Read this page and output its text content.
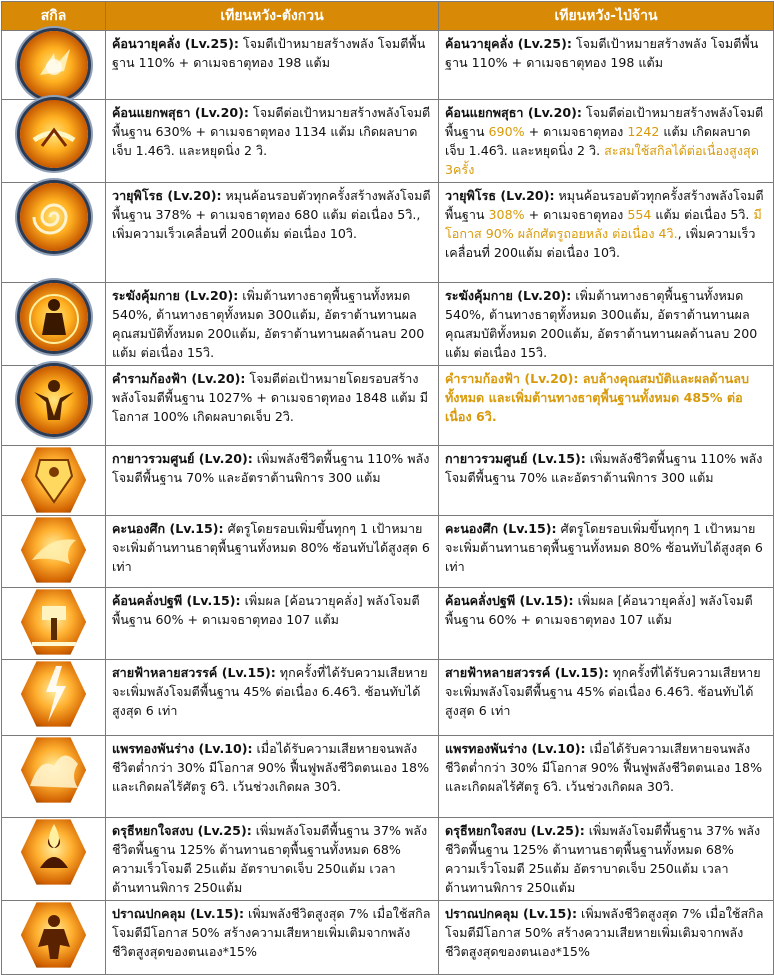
สกิล	เทียนหวัง-ตังกวน	เทียนหวัง-ไป่จ้าน

	ค้อนวายุคลั่ง (Lv.25): โจมตีเป้าหมายสร้างพลัง โจมตีพื้นฐาน 110% + ดาเมจธาตุทอง 198 แต้ม	ค้อนวายุคลั่ง (Lv.25): โจมตีเป้าหมายสร้างพลัง โจมตีพื้นฐาน 110% + ดาเมจธาตุทอง 198 แต้ม

	ค้อนแยกพสุธา (Lv.20): โจมตีต่อเป้าหมายสร้างพลังโจมตีพื้นฐาน 630% + ดาเมจธาตุทอง 1134 แต้ม เกิดผลบาดเจ็บ 1.46วิ. และหยุดนิ่ง 2 วิ.	ค้อนแยกพสุธา (Lv.20): โจมตีต่อเป้าหมายสร้างพลังโจมตีพื้นฐาน 690% + ดาเมจธาตุทอง 1242 แต้ม เกิดผลบาดเจ็บ 1.46วิ. และหยุดนิ่ง 2 วิ. สะสมใช้สกิลได้ต่อเนื่องสูงสุด 3ครั้ง

	วายุพิโรธ (Lv.20): หมุนค้อนรอบตัวทุกครั้งสร้างพลังโจมตีพื้นฐาน 378% + ดาเมจธาตุทอง 680 แต้ม ต่อเนื่อง 5วิ., เพิ่มความเร็วเคลื่อนที่ 200แต้ม ต่อเนื่อง 10วิ.	วายุพิโรธ (Lv.20): หมุนค้อนรอบตัวทุกครั้งสร้างพลังโจมตีพื้นฐาน 308% + ดาเมจธาตุทอง 554 แต้ม ต่อเนื่อง 5วิ. มีโอกาส 90% ผลักศัตรูถอยหลัง ต่อเนื่อง 4วิ., เพิ่มความเร็วเคลื่อนที่ 200แต้ม ต่อเนื่อง 10วิ.

	ระฆังคุ้มกาย (Lv.20): เพิ่มต้านทางธาตุพื้นฐานทั้งหมด 540%, ต้านทางธาตุทั้งหมด 300แต้ม, อัตราต้านทานผลคุณสมบัติทั้งหมด 200แต้ม, อัตราต้านทานผลด้านลบ 200 แต้ม ต่อเนื่อง 15วิ.	ระฆังคุ้มกาย (Lv.20): เพิ่มต้านทางธาตุพื้นฐานทั้งหมด 540%, ต้านทางธาตุทั้งหมด 300แต้ม, อัตราต้านทานผลคุณสมบัติทั้งหมด 200แต้ม, อัตราต้านทานผลด้านลบ 200 แต้ม ต่อเนื่อง 15วิ.

	คำรามก้องฟ้า (Lv.20): โจมตีต่อเป้าหมายโดยรอบสร้างพลังโจมตีพื้นฐาน 1027% + ดาเมจธาตุทอง 1848 แต้ม มีโอกาส 100% เกิดผลบาดเจ็บ 2วิ.	คำรามก้องฟ้า (Lv.20): ลบล้างคุณสมบัติและผลด้านลบทั้งหมด และเพิ่มต้านทางธาตุพื้นฐานทั้งหมด 485% ต่อเนื่อง 6วิ.

	กายาวรวมศูนย์ (Lv.20): เพิ่มพลังชีวิตพื้นฐาน 110% พลังโจมตีพื้นฐาน 70% และอัตราต้านพิการ 300 แต้ม	กายาวรวมศูนย์ (Lv.15): เพิ่มพลังชีวิตพื้นฐาน 110% พลังโจมตีพื้นฐาน 70% และอัตราต้านพิการ 300 แต้ม

	คะนองศึก (Lv.15): ศัตรูโดยรอบเพิ่มขึ้นทุกๆ 1 เป้าหมาย จะเพิ่มต้านทานธาตุพื้นฐานทั้งหมด 80% ซ้อนทับได้สูงสุด 6 เท่า	คะนองศึก (Lv.15): ศัตรูโดยรอบเพิ่มขึ้นทุกๆ 1 เป้าหมาย จะเพิ่มต้านทานธาตุพื้นฐานทั้งหมด 80% ซ้อนทับได้สูงสุด 6 เท่า

	ค้อนคลั่งปฐพี (Lv.15): เพิ่มผล [ค้อนวายุคลั่ง] พลังโจมตีพื้นฐาน 60% + ดาเมจธาตุทอง 107 แต้ม	ค้อนคลั่งปฐพี (Lv.15): เพิ่มผล [ค้อนวายุคลั่ง] พลังโจมตีพื้นฐาน 60% + ดาเมจธาตุทอง 107 แต้ม

	สายฟ้าหลายสวรรค์ (Lv.15): ทุกครั้งที่ได้รับความเสียหายจะเพิ่มพลังโจมตีพื้นฐาน 45% ต่อเนื่อง 6.46วิ. ซ้อนทับได้สูงสุด 6 เท่า	สายฟ้าหลายสวรรค์ (Lv.15): ทุกครั้งที่ได้รับความเสียหายจะเพิ่มพลังโจมตีพื้นฐาน 45% ต่อเนื่อง 6.46วิ. ซ้อนทับได้สูงสุด 6 เท่า

	แพรทองพันร่าง (Lv.10): เมื่อได้รับความเสียหายจนพลังชีวิตต่ำกว่า 30% มีโอกาส 90% ฟื้นฟูพลังชีวิตตนเอง 18% และเกิดผลไร้ศัตรู 6วิ. เว้นช่วงเกิดผล 30วิ.	แพรทองพันร่าง (Lv.10): เมื่อได้รับความเสียหายจนพลังชีวิตต่ำกว่า 30% มีโอกาส 90% ฟื้นฟูพลังชีวิตตนเอง 18% และเกิดผลไร้ศัตรู 6วิ. เว้นช่วงเกิดผล 30วิ.

	ดรุธีหยกใจสงบ (Lv.25): เพิ่มพลังโจมตีพื้นฐาน 37% พลังชีวิตพื้นฐาน 125% ต้านทานธาตุพื้นฐานทั้งหมด 68% ความเร็วโจมตี 25แต้ม อัตราบาดเจ็บ 250แต้ม เวลาต้านทานพิการ 250แต้ม	ดรุธีหยกใจสงบ (Lv.25): เพิ่มพลังโจมตีพื้นฐาน 37% พลังชีวิตพื้นฐาน 125% ต้านทานธาตุพื้นฐานทั้งหมด 68% ความเร็วโจมตี 25แต้ม อัตราบาดเจ็บ 250แต้ม เวลาต้านทานพิการ 250แต้ม

	ปราณปกคลุม (Lv.15): เพิ่มพลังชีวิตสูงสุด 7% เมื่อใช้สกิลโจมตีมีโอกาส 50% สร้างความเสียหายเพิ่มเติมจากพลังชีวิตสูงสุดของตนเอง*15%	ปราณปกคลุม (Lv.15): เพิ่มพลังชีวิตสูงสุด 7% เมื่อใช้สกิลโจมตีมีโอกาส 50% สร้างความเสียหายเพิ่มเติมจากพลังชีวิตสูงสุดของตนเอง*15%
